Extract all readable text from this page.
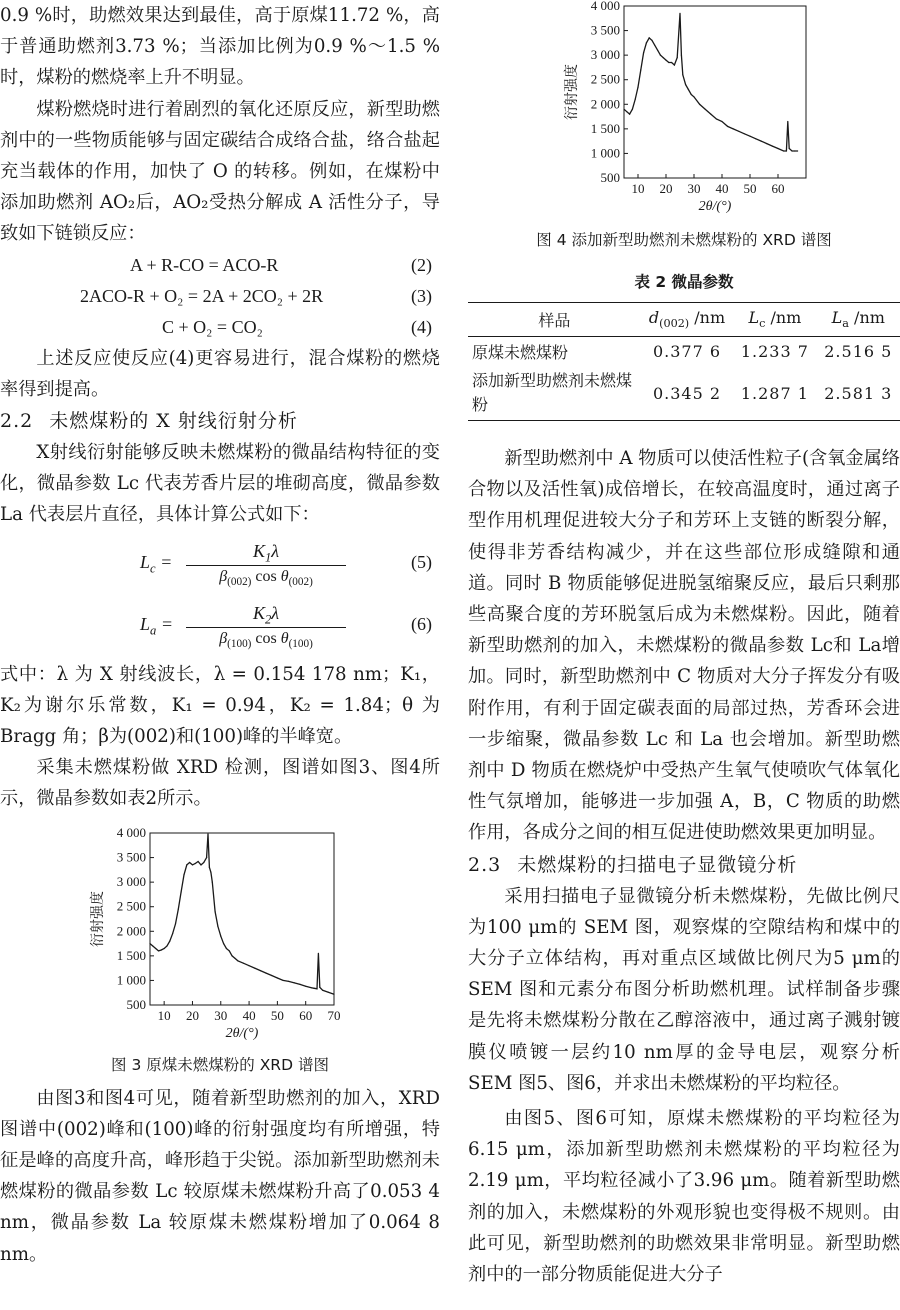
0.9 %时，助燃效果达到最佳，高于原煤11.72 %，高于普通助燃剂3.73 %；当添加比例为0.9 %～1.5 %时，煤粉的燃烧率上升不明显。

煤粉燃烧时进行着剧烈的氧化还原反应，新型助燃剂中的一些物质能够与固定碳结合成络合盐，络合盐起充当载体的作用，加快了 O 的转移。例如，在煤粉中添加助燃剂 AO₂后，AO₂受热分解成 A 活性分子，导致如下链锁反应：

A + R-CO = ACO-R	(2)
2ACO-R + O₂ = 2A + 2CO₂ + 2R	(3)
C + O₂ = CO₂	(4)

上述反应使反应(4)更容易进行，混合煤粉的燃烧率得到提高。

2.2 未燃煤粉的 X 射线衍射分析

X射线衍射能够反映未燃煤粉的微晶结构特征的变化，微晶参数 Lc 代表芳香片层的堆砌高度，微晶参数 La 代表层片直径，具体计算公式如下：

$L_c$ =
$K_1\lambda$
$\beta_{(002)}$ $\cos \theta_{(002)}$
(5)
$L_a$ =
$K_2\lambda$
$\beta_{(100)}$ $\cos \theta_{(100)}$
(6)

式中：λ 为 X 射线波长，λ = 0.154 178 nm；K₁，K₂为谢尔乐常数，K₁ = 0.94，K₂ = 1.84；θ 为 Bragg 角；β为(002)和(100)峰的半峰宽。

采集未燃煤粉做 XRD 检测，图谱如图3、图4所示，微晶参数如表2所示。

10 20 30 40 50 60 70
500
1 000
1 500
2 000
2 500
3 000
3 500
4 000
2θ/(°)
衍射强度
图 3 原煤未燃煤粉的 XRD 谱图

由图3和图4可见，随着新型助燃剂的加入，XRD图谱中(002)峰和(100)峰的衍射强度均有所增强，特征是峰的高度升高，峰形趋于尖锐。添加新型助燃剂未燃煤粉的微晶参数 Lc 较原煤未燃煤粉升高了0.053 4 nm，微晶参数 La 较原煤未燃煤粉增加了0.064 8 nm。

10 20 30 40 50 60
500
1 000
1 500
2 000
2 500
3 000
3 500
4 000
2θ/(°)
衍射强度
图 4 添加新型助燃剂未燃煤粉的 XRD 谱图
表 2 微晶参数
样品	$d_{(002)}$ /nm	$L_c$ /nm	$L_a$ /nm
原煤未燃煤粉	0.377 6	1.233 7	2.516 5
添加新型助燃剂未燃煤粉	0.345 2	1.287 1	2.581 3

新型助燃剂中 A 物质可以使活性粒子(含氧金属络合物以及活性氧)成倍增长，在较高温度时，通过离子型作用机理促进较大分子和芳环上支链的断裂分解，使得非芳香结构减少，并在这些部位形成缝隙和通道。同时 B 物质能够促进脱氢缩聚反应，最后只剩那些高聚合度的芳环脱氢后成为未燃煤粉。因此，随着新型助燃剂的加入，未燃煤粉的微晶参数 Lc和 La增加。同时，新型助燃剂中 C 物质对大分子挥发分有吸附作用，有利于固定碳表面的局部过热，芳香环会进一步缩聚，微晶参数 Lc 和 La 也会增加。新型助燃剂中 D 物质在燃烧炉中受热产生氧气使喷吹气体氧化性气氛增加，能够进一步加强 A，B，C 物质的助燃作用，各成分之间的相互促进使助燃效果更加明显。

2.3 未燃煤粉的扫描电子显微镜分析

采用扫描电子显微镜分析未燃煤粉，先做比例尺为100 μm的 SEM 图，观察煤的空隙结构和煤中的大分子立体结构，再对重点区域做比例尺为5 μm的 SEM 图和元素分布图分析助燃机理。试样制备步骤是先将未燃煤粉分散在乙醇溶液中，通过离子溅射镀膜仪喷镀一层约10 nm厚的金导电层，观察分析 SEM 图5、图6，并求出未燃煤粉的平均粒径。

由图5、图6可知，原煤未燃煤粉的平均粒径为6.15 μm，添加新型助燃剂未燃煤粉的平均粒径为2.19 μm，平均粒径减小了3.96 μm。随着新型助燃剂的加入，未燃煤粉的外观形貌也变得极不规则。由此可见，新型助燃剂的助燃效果非常明显。新型助燃剂中的一部分物质能促进大分子
